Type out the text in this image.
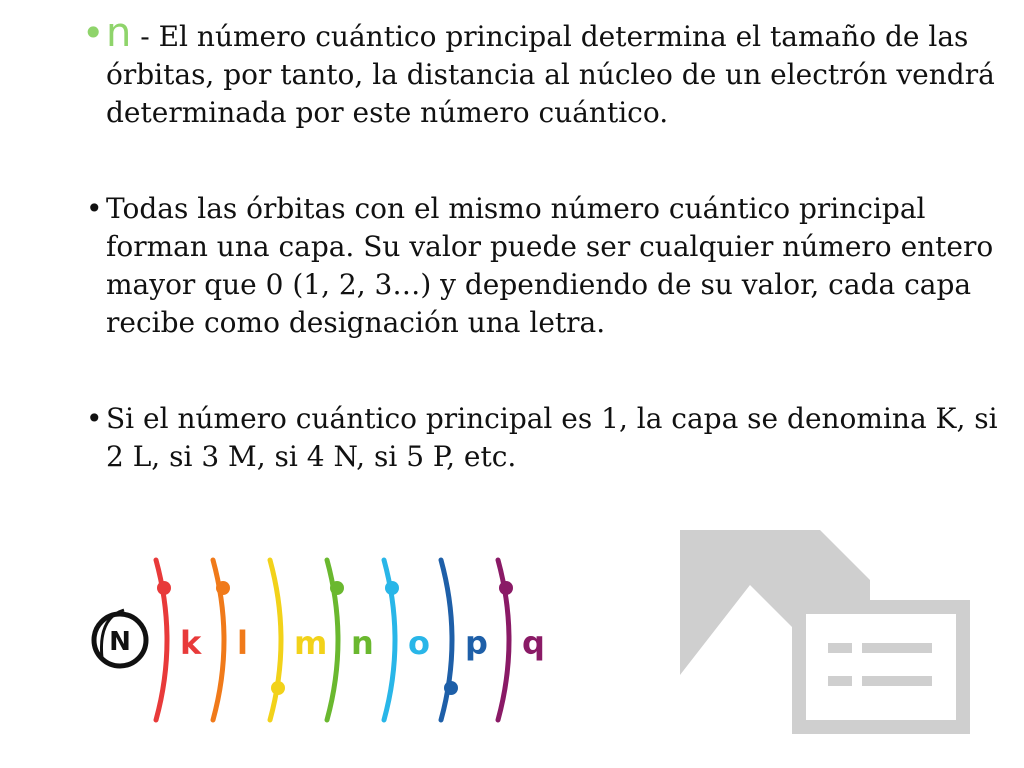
• n - El número cuántico principal determina el tamaño de las órbitas, por tanto, la distancia al núcleo de un electrón vendrá determinada por este número cuántico.
• Todas las órbitas con el mismo número cuántico principal forman una capa. Su valor puede ser cualquier número entero mayor que 0 (1, 2, 3…) y dependiendo de su valor, cada capa recibe como designación una letra.
• Si el número cuántico principal es 1, la capa se denomina K, si 2 L, si 3 M, si 4 N, si 5 P, etc.
N k l m n o p q
